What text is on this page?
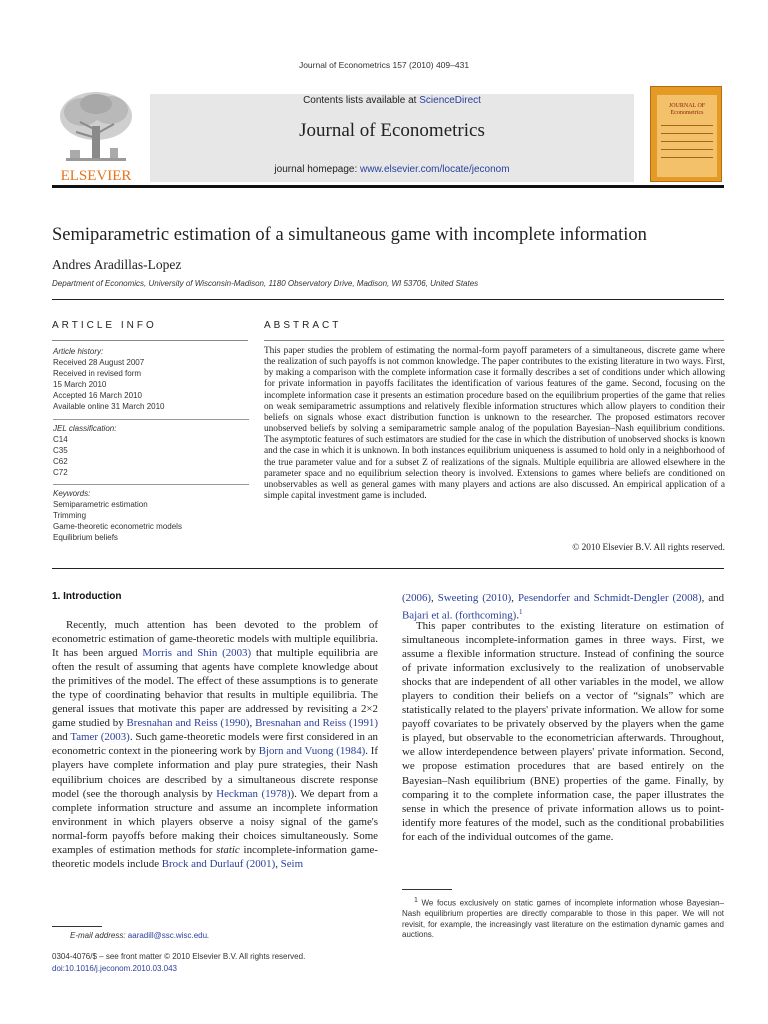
Journal of Econometrics 157 (2010) 409–431
ELSEVIER
JOURNAL OF Econometrics
Contents lists available at ScienceDirect
Journal of Econometrics
journal homepage: www.elsevier.com/locate/jeconom
Semiparametric estimation of a simultaneous game with incomplete information
Andres Aradillas-Lopez
Department of Economics, University of Wisconsin-Madison, 1180 Observatory Drive, Madison, WI 53706, United States
ARTICLE INFO	ABSTRACT
Article history:
Received 28 August 2007
Received in revised form
15 March 2010
Accepted 16 March 2010
Available online 31 March 2010
JEL classification:
C14
C35
C62
C72
Keywords:
Semiparametric estimation
Trimming
Game-theoretic econometric models
Equilibrium beliefs
This paper studies the problem of estimating the normal-form payoff parameters of a simultaneous, discrete game where the realization of such payoffs is not common knowledge. The paper contributes to the existing literature in two ways. First, by making a comparison with the complete information case it formally describes a set of conditions under which allowing for private information in payoffs facilitates the identification of various features of the game. Second, focusing on the incomplete information case it presents an estimation procedure based on the equilibrium properties of the game that relies on weak semiparametric assumptions and relatively flexible information structures which allow players to condition their beliefs on signals whose exact distribution function is unknown to the researcher. The proposed estimators recover unobserved beliefs by solving a semiparametric sample analog of the population Bayesian–Nash equilibrium conditions. The asymptotic features of such estimators are studied for the case in which the distribution of unobserved shocks is known and the case in which it is unknown. In both instances equilibrium uniqueness is assumed to hold only in a neighborhood of the true parameter value and for a subset Z of realizations of the signals. Multiple equilibria are allowed elsewhere in the parameter space and no equilibrium selection theory is involved. Extensions to games where beliefs are conditioned on unobservables as well as general games with many players and actions are also discussed. An empirical application of a simple capital investment game is included.
© 2010 Elsevier B.V. All rights reserved.
1. Introduction
Recently, much attention has been devoted to the problem of econometric estimation of game-theoretic models with multiple equilibria. It has been argued Morris and Shin (2003) that multiple equilibria are often the result of assuming that agents have complete knowledge about the primitives of the model. The effect of these assumptions is to generate the type of coordinating behavior that results in multiple equilibria. The general issues that motivate this paper are addressed by revisiting a 2×2 game studied by Bresnahan and Reiss (1990), Bresnahan and Reiss (1991) and Tamer (2003). Such game-theoretic models were first considered in an econometric context in the pioneering work by Bjorn and Vuong (1984). If players have complete information and play pure strategies, their Nash equilibrium choices are described by a simultaneous discrete response model (see the thorough analysis by Heckman (1978)). We depart from a complete information structure and assume an incomplete information environment in which players observe a noisy signal of the game's normal-form payoffs before making their choices simultaneously. Some examples of estimation methods for static incomplete-information game-theoretic models include Brock and Durlauf (2001), Seim
(2006), Sweeting (2010), Pesendorfer and Schmidt-Dengler (2008), and Bajari et al. (forthcoming).$^1$
This paper contributes to the existing literature on estimation of simultaneous incomplete-information games in three ways. First, we assume a flexible information structure. Instead of confining the source of private information exclusively to the realization of unobservable shocks that are independent of all other variables in the model, we allow players to condition their beliefs on a vector of “signals” which are statistically related to the players' private information. We allow for some payoff covariates to be privately observed by the players when the game is played, but observable to the econometrician afterwards. Throughout, we allow interdependence between players' private information. Second, we propose estimation procedures that are based entirely on the Bayesian–Nash equilibrium (BNE) properties of the game. Finally, by comparing it to the complete information case, the paper illustrates the sense in which the presence of private information allows us to point-identify more features of the model, such as the conditional probabilities for each of the individual outcomes of the game.
$^1$ We focus exclusively on static games of incomplete information whose Bayesian–Nash equilibrium properties are directly comparable to those in this paper. We will not revisit, for example, the increasingly vast literature on the estimation dynamic games and auctions.
E-mail address: aaradill@ssc.wisc.edu.
0304-4076/$ – see front matter © 2010 Elsevier B.V. All rights reserved.
doi:10.1016/j.jeconom.2010.03.043
